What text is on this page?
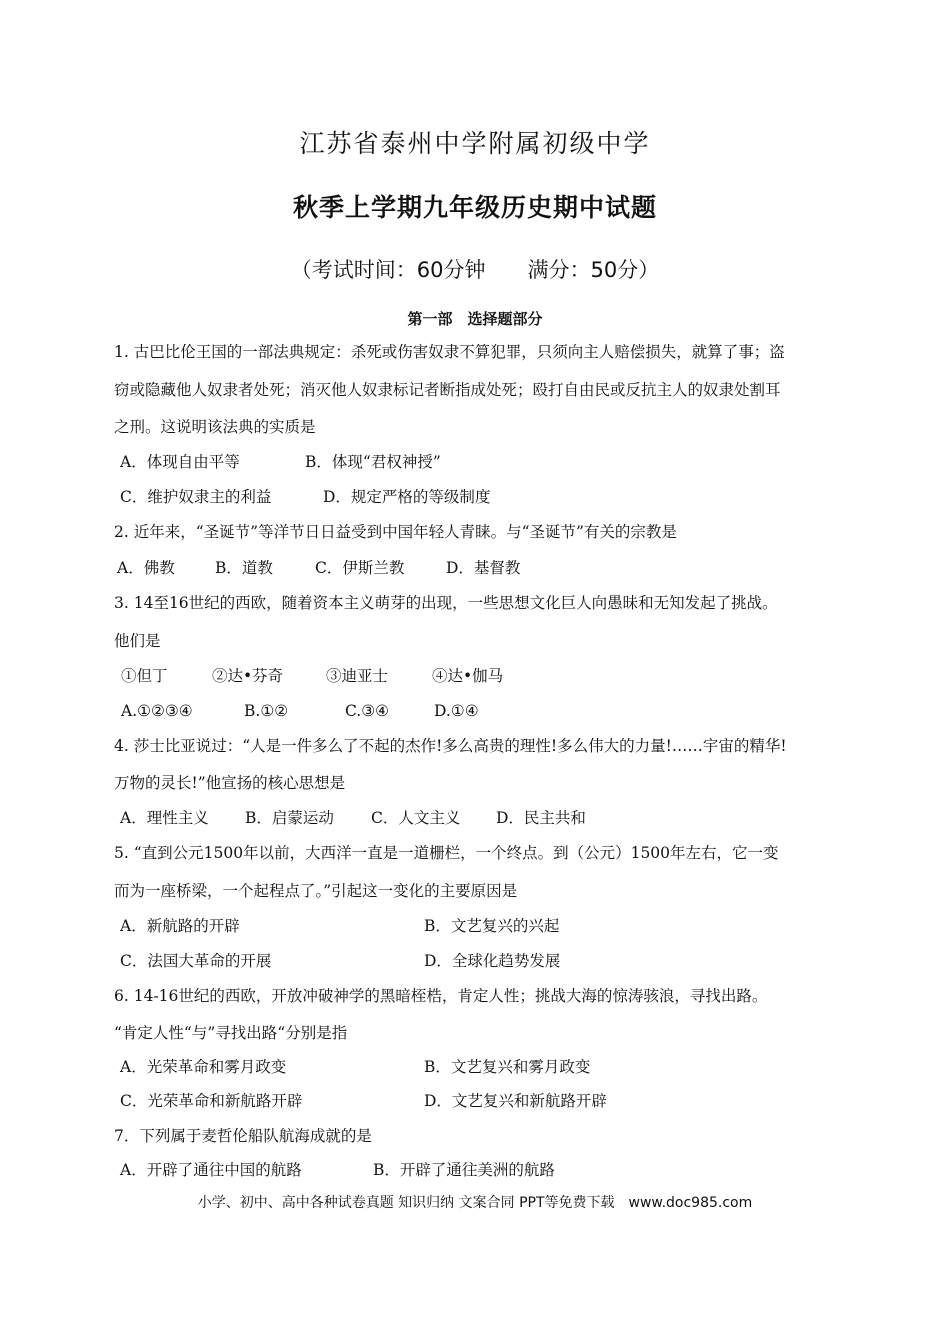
江苏省泰州中学附属初级中学
秋季上学期九年级历史期中试题
（考试时间：60分钟　　满分：50分）
第一部　选择题部分
1. 古巴比伦王国的一部法典规定：杀死或伤害奴隶不算犯罪，只须向主人赔偿损失，就算了事；盗
窃或隐藏他人奴隶者处死；消灭他人奴隶标记者断指成处死；殴打自由民或反抗主人的奴隶处割耳
之刑。这说明该法典的实质是
A．体现自由平等	B．体现“君权神授”
C．维护奴隶主的利益	D．规定严格的等级制度
2. 近年来，“圣诞节”等洋节日日益受到中国年轻人青睐。与“圣诞节”有关的宗教是
A．佛教	B．道教	C．伊斯兰教	D．基督教
3. 14至16世纪的西欧，随着资本主义萌芽的出现，一些思想文化巨人向愚昧和无知发起了挑战。
他们是
①但丁	②达•芬奇	③迪亚士	④达•伽马
A.①②③④	B.①②	C.③④	D.①④
4. 莎士比亚说过：“人是一件多么了不起的杰作!多么高贵的理性!多么伟大的力量!……宇宙的精华!
万物的灵长!”他宣扬的核心思想是
A．理性主义 B．启蒙运动 C．人文主义 D．民主共和
5. “直到公元1500年以前，大西洋一直是一道栅栏，一个终点。到（公元）1500年左右，它一变
而为一座桥梁，一个起程点了。”引起这一变化的主要原因是
A．新航路的开辟	B．文艺复兴的兴起
C．法国大革命的开展	D．全球化趋势发展
6. 14-16世纪的西欧，开放冲破神学的黑暗桎梏，肯定人性；挑战大海的惊涛骇浪，寻找出路。
“肯定人性“与”寻找出路“分别是指
A．光荣革命和雾月政变	B．文艺复兴和雾月政变
C．光荣革命和新航路开辟	D．文艺复兴和新航路开辟
7．下列属于麦哲伦船队航海成就的是
A．开辟了通往中国的航路	B．开辟了通往美洲的航路
小学、初中、高中各种试卷真题 知识归纳 文案合同 PPT等免费下载　www.doc985.com
